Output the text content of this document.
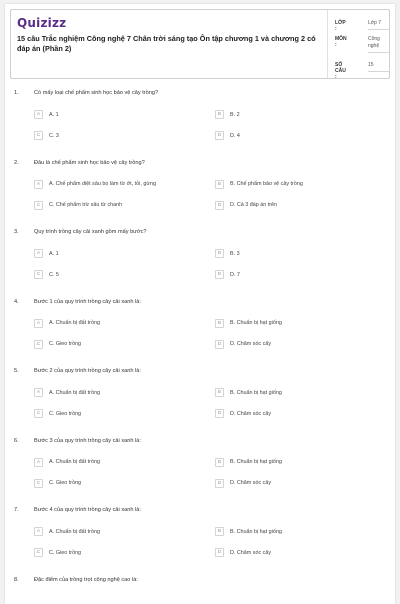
Quizizz
15 câu Trắc nghiệm Công nghệ 7 Chân trời sáng tạo Ôn tập chương 1 và chương 2 có đáp án (Phần 2)
LỚP :
Lớp 7
MÔN :
Công nghệ
SỐ CÂU :
15
1.	Có mấy loại chế phẩm sinh học bảo vệ cây trồng?
A	A. 1	B	B. 2
C	C. 3	D	D. 4
2.	Đâu là chế phẩm sinh học bảo vệ cây trồng?
A	A. Chế phẩm diệt sâu bọ làm từ ớt, tỏi, gừng	B	B. Chế phẩm bảo vệ cây trồng
C	C. Chế phẩm trừ sâu từ chanh	D	D. Cả 3 đáp án trên
3.	Quy trình trồng cây cải xanh gồm mấy bước?
A	A. 1	B	B. 3
C	C. 5	D	D. 7
4.	Bước 1 của quy trình trồng cây cải xanh là:
A	A. Chuẩn bị đất trồng	B	B. Chuẩn bị hạt giống
C	C. Gieo trồng	D	D. Chăm sóc cây
5.	Bước 2 của quy trình trồng cây cải xanh là:
A	A. Chuẩn bị đất trồng	B	B. Chuẩn bị hạt giống
C	C. Gieo trồng	D	D. Chăm sóc cây
6.	Bước 3 của quy trình trồng cây cải xanh là:
A	A. Chuẩn bị đất trồng	B	B. Chuẩn bị hạt giống
C	C. Gieo trồng	D	D. Chăm sóc cây
7.	Bước 4 của quy trình trồng cây cải xanh là:
A	A. Chuẩn bị đất trồng	B	B. Chuẩn bị hạt giống
C	C. Gieo trồng	D	D. Chăm sóc cây
8.	Đặc điểm của trồng trọt công nghệ cao là:
